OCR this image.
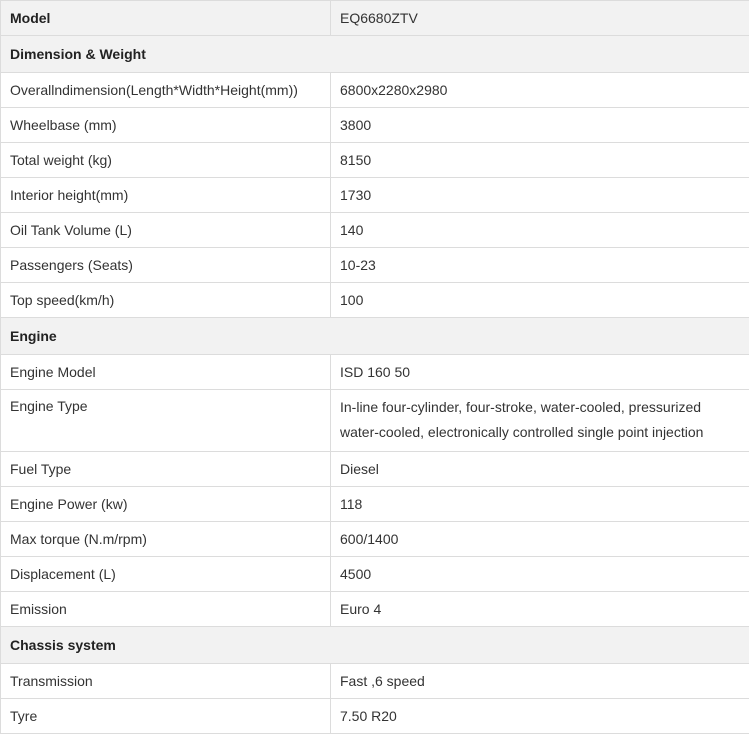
Model	EQ6680ZTV
Dimension & Weight	
Overallndimension(Length*Width*Height(mm))	6800x2280x2980
Wheelbase (mm)	3800
Total weight (kg)	8150
Interior height(mm)	1730
Oil Tank Volume (L)	140
Passengers (Seats)	10-23
Top speed(km/h)	100
Engine	
Engine Model	ISD 160 50
Engine Type	In-line four-cylinder, four-stroke, water-cooled, pressurized water-cooled, electronically controlled single point injection
Fuel Type	Diesel
Engine Power (kw)	118
Max torque (N.m/rpm)	600/1400
Displacement (L)	4500
Emission	Euro 4
Chassis system	
Transmission	Fast ,6 speed
Tyre	7.50 R20
